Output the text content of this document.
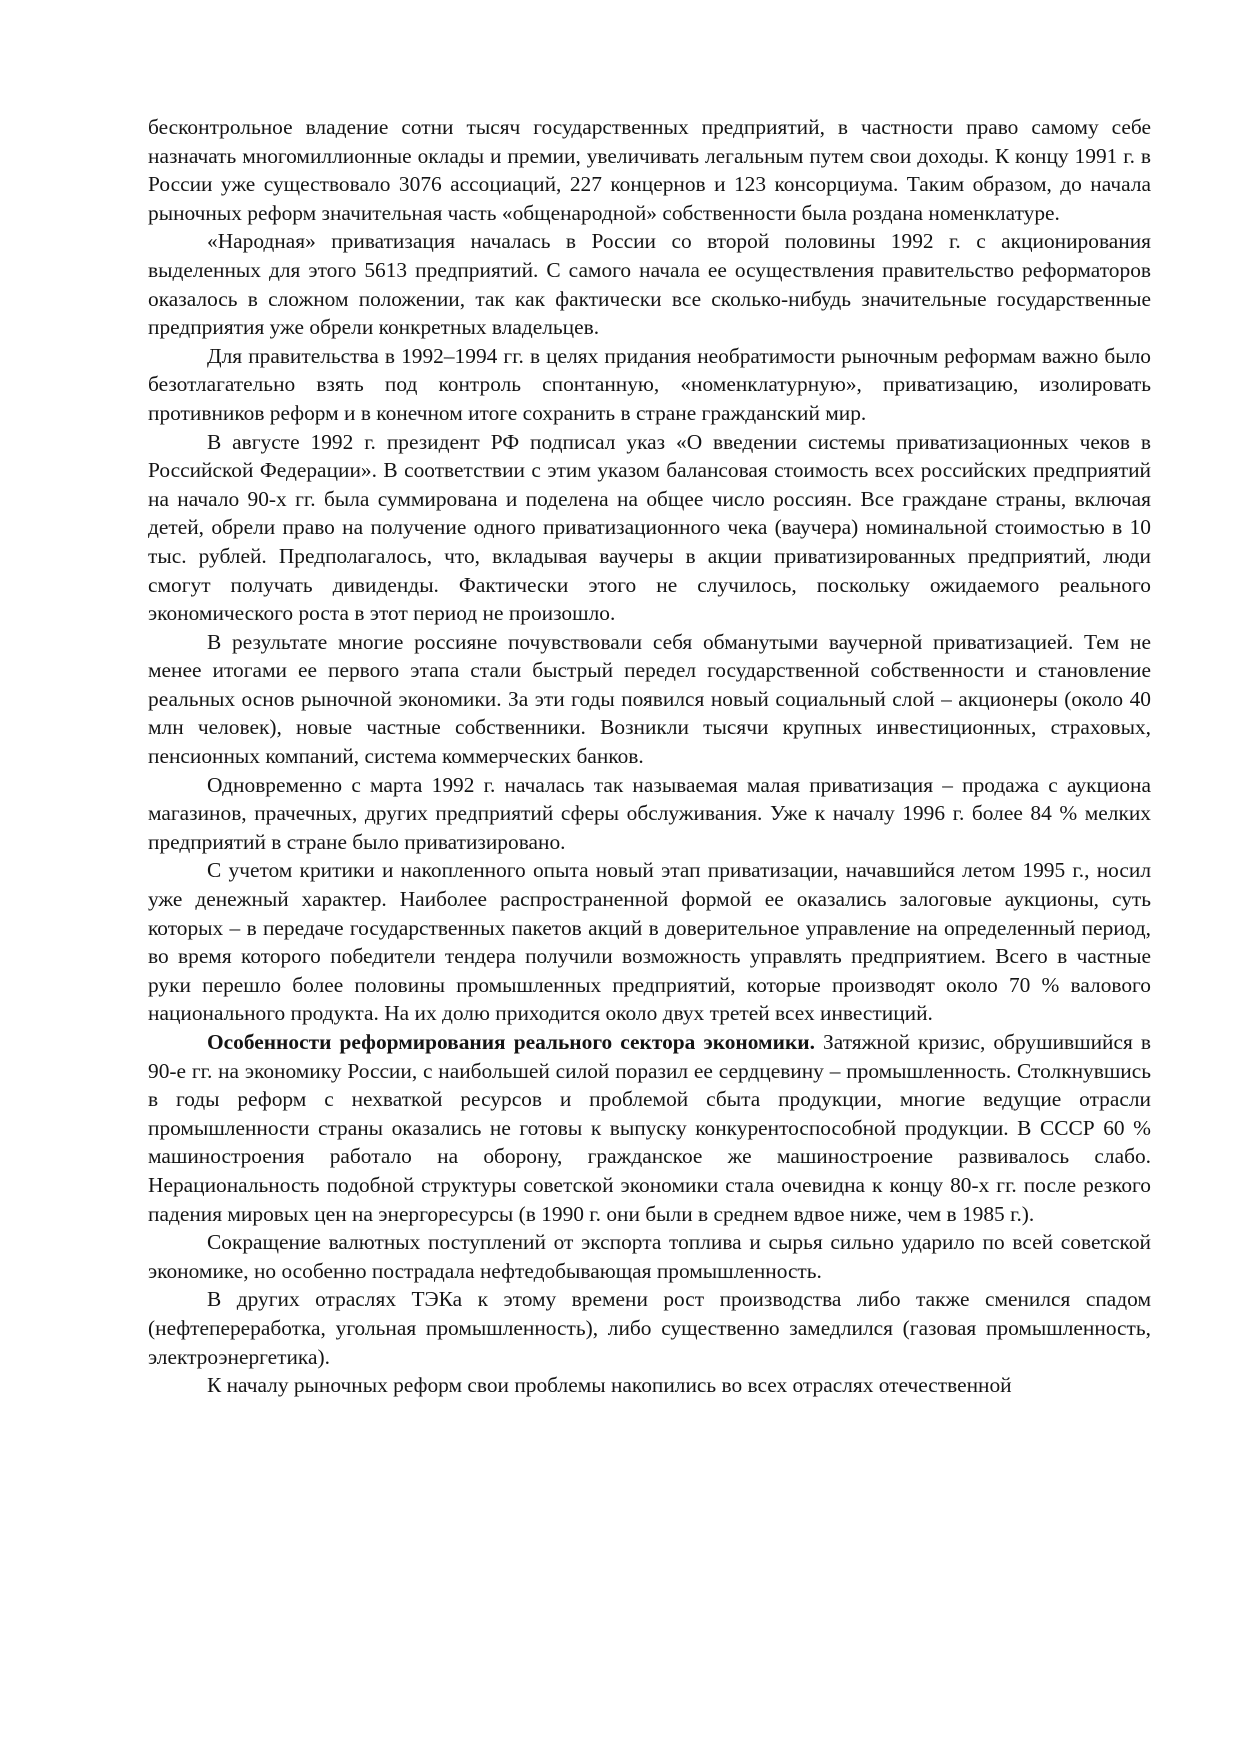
бесконтрольное владение сотни тысяч государственных предприятий, в частности право самому себе назначать многомиллионные оклады и премии, увеличивать легальным путем свои доходы. К концу 1991 г. в России уже существовало 3076 ассоциаций, 227 концернов и 123 консорциума. Таким образом, до начала рыночных реформ значительная часть «общенародной» собственности была роздана номенклатуре.

«Народная» приватизация началась в России со второй половины 1992 г. с акционирования выделенных для этого 5613 предприятий. С самого начала ее осуществления правительство реформаторов оказалось в сложном положении, так как фактически все сколько-нибудь значительные государственные предприятия уже обрели конкретных владельцев.

Для правительства в 1992–1994 гг. в целях придания необратимости рыночным реформам важно было безотлагательно взять под контроль спонтанную, «номенклатурную», приватизацию, изолировать противников реформ и в конечном итоге сохранить в стране гражданский мир.

В августе 1992 г. президент РФ подписал указ «О введении системы приватизационных чеков в Российской Федерации». В соответствии с этим указом балансовая стоимость всех российских предприятий на начало 90-х гг. была суммирована и поделена на общее число россиян. Все граждане страны, включая детей, обрели право на получение одного приватизационного чека (ваучера) номинальной стоимостью в 10 тыс. рублей. Предполагалось, что, вкладывая ваучеры в акции приватизированных предприятий, люди смогут получать дивиденды. Фактически этого не случилось, поскольку ожидаемого реального экономического роста в этот период не произошло.

В результате многие россияне почувствовали себя обманутыми ваучерной приватизацией. Тем не менее итогами ее первого этапа стали быстрый передел государственной собственности и становление реальных основ рыночной экономики. За эти годы появился новый социальный слой – акционеры (около 40 млн человек), новые частные собственники. Возникли тысячи крупных инвестиционных, страховых, пенсионных компаний, система коммерческих банков.

Одновременно с марта 1992 г. началась так называемая малая приватизация – продажа с аукциона магазинов, прачечных, других предприятий сферы обслуживания. Уже к началу 1996 г. более 84 % мелких предприятий в стране было приватизировано.

С учетом критики и накопленного опыта новый этап приватизации, начавшийся летом 1995 г., носил уже денежный характер. Наиболее распространенной формой ее оказались залоговые аукционы, суть которых – в передаче государственных пакетов акций в доверительное управление на определенный период, во время которого победители тендера получили возможность управлять предприятием. Всего в частные руки перешло более половины промышленных предприятий, которые производят около 70 % валового национального продукта. На их долю приходится около двух третей всех инвестиций.

Особенности реформирования реального сектора экономики. Затяжной кризис, обрушившийся в 90-е гг. на экономику России, с наибольшей силой поразил ее сердцевину – промышленность. Столкнувшись в годы реформ с нехваткой ресурсов и проблемой сбыта продукции, многие ведущие отрасли промышленности страны оказались не готовы к выпуску конкурентоспособной продукции. В СССР 60 % машиностроения работало на оборону, гражданское же машиностроение развивалось слабо. Нерациональность подобной структуры советской экономики стала очевидна к концу 80-х гг. после резкого падения мировых цен на энергоресурсы (в 1990 г. они были в среднем вдвое ниже, чем в 1985 г.).

Сокращение валютных поступлений от экспорта топлива и сырья сильно ударило по всей советской экономике, но особенно пострадала нефтедобывающая промышленность.

В других отраслях ТЭКа к этому времени рост производства либо также сменился спадом (нефтепереработка, угольная промышленность), либо существенно замедлился (газовая промышленность, электроэнергетика).

К началу рыночных реформ свои проблемы накопились во всех отраслях отечественной
